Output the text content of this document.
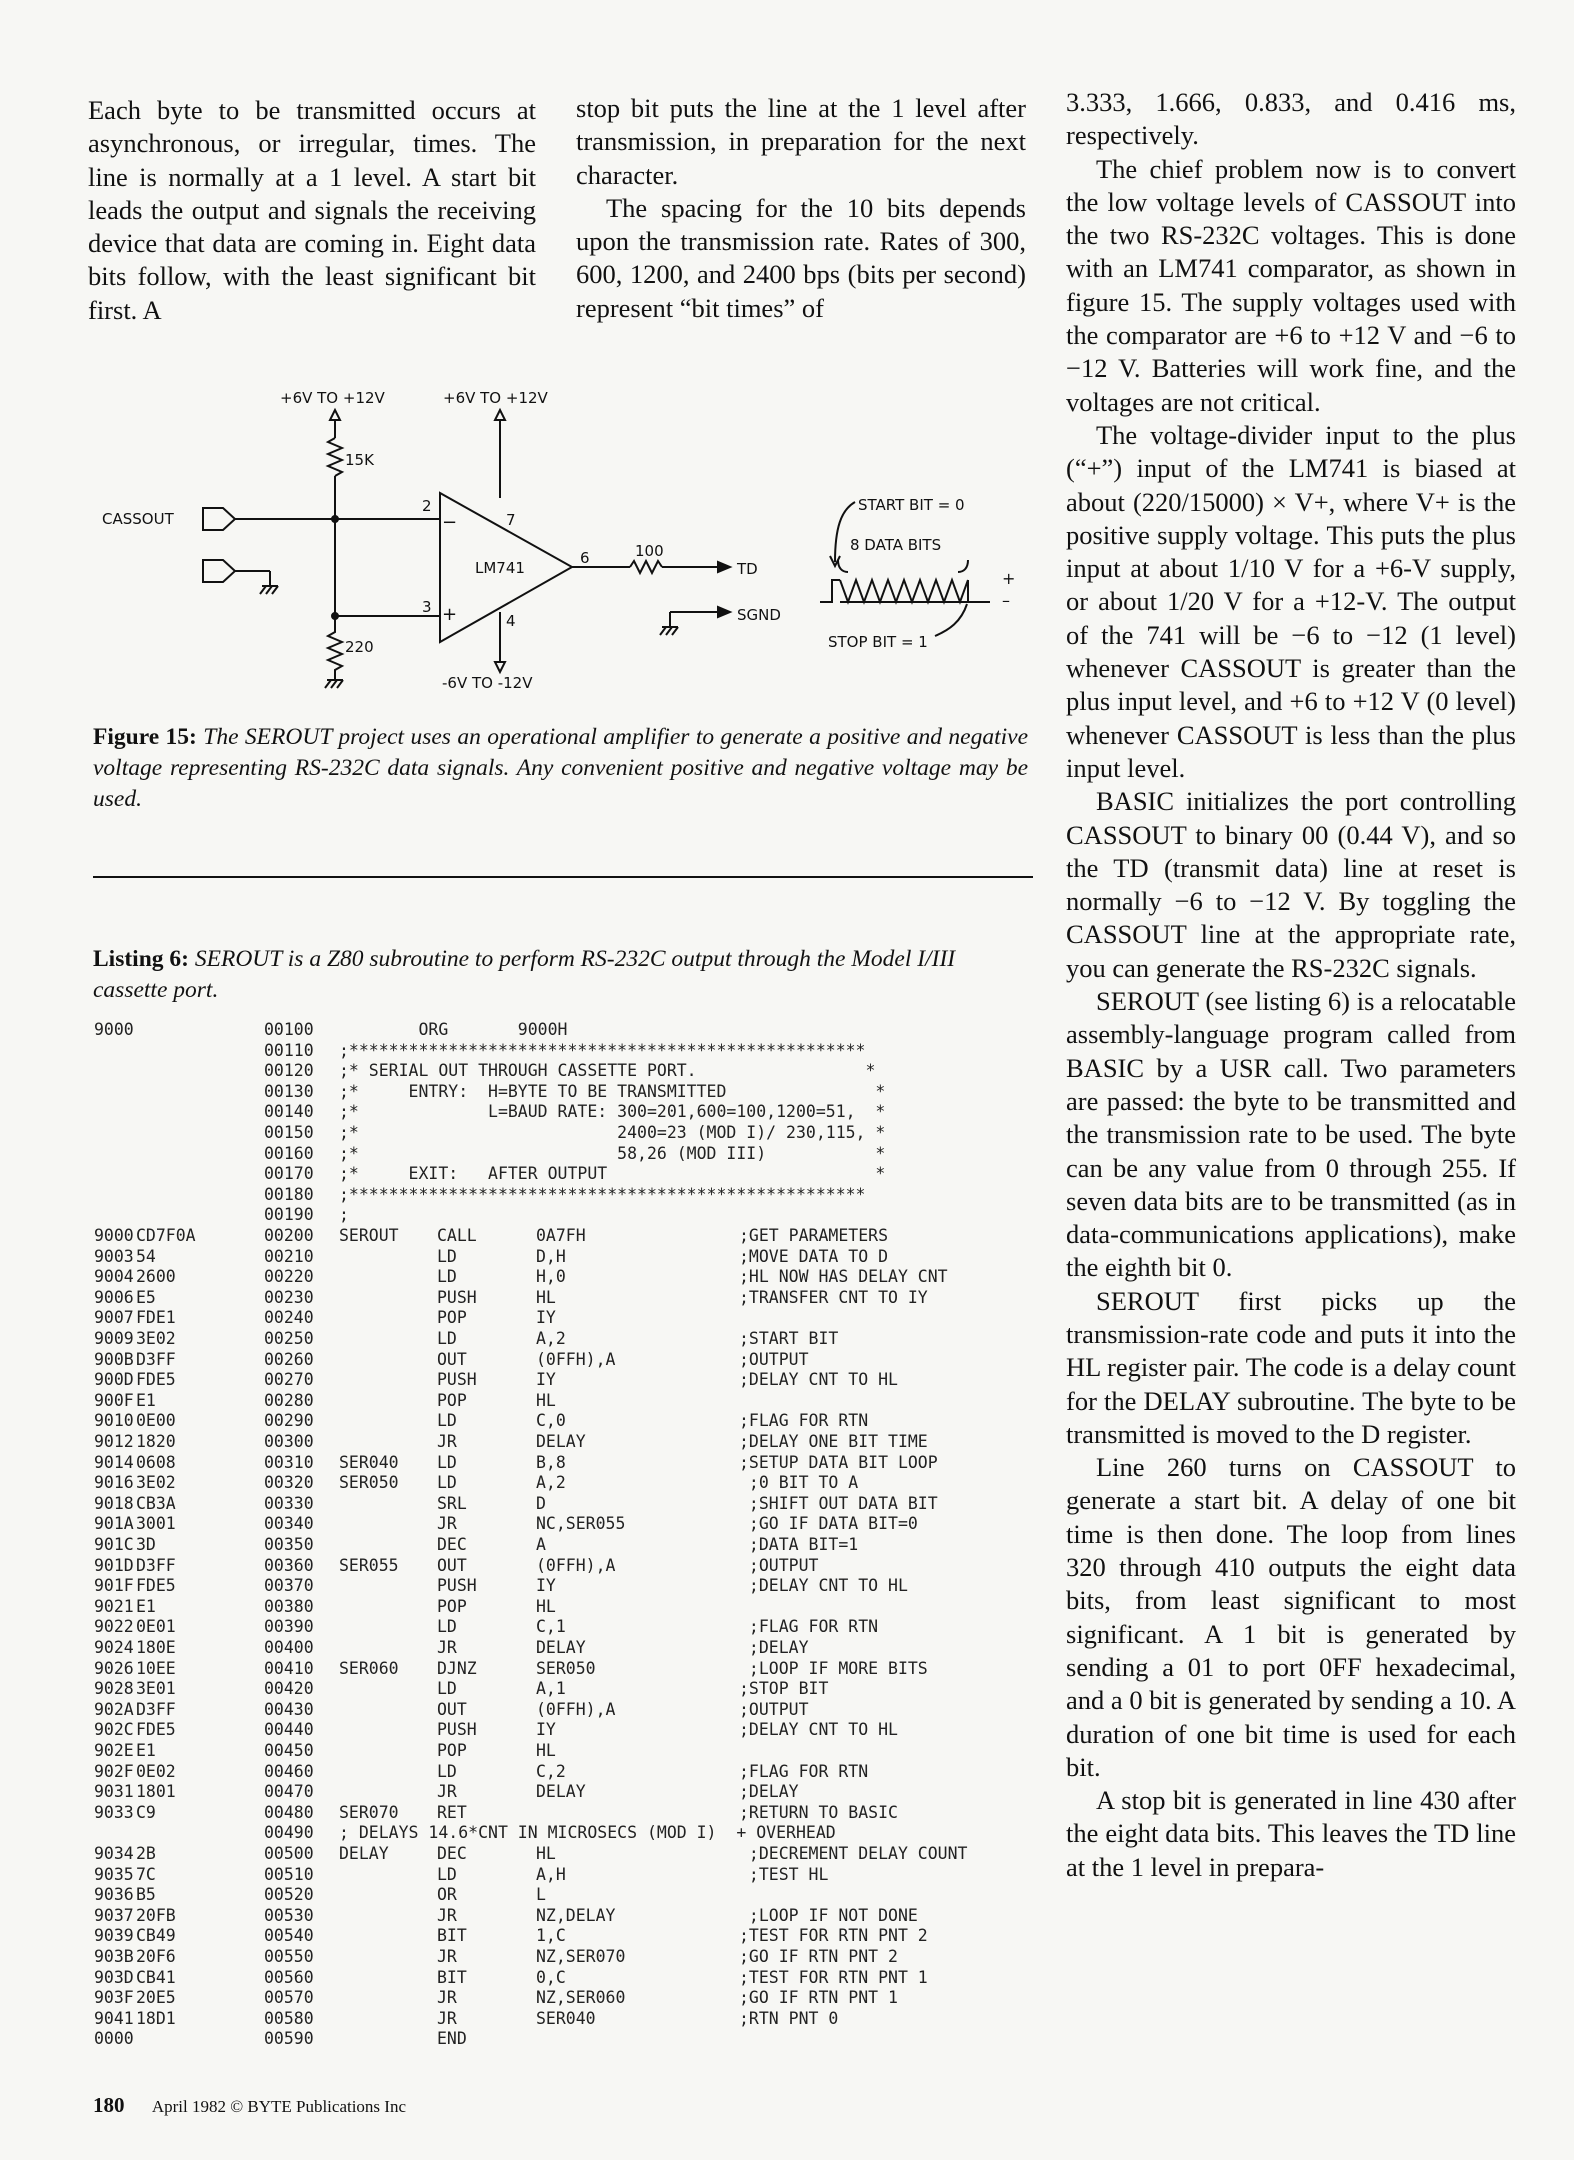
Each byte to be transmitted occurs at asynchronous, or irregular, times. The line is normally at a 1 level. A start bit leads the output and signals the receiving device that data are coming in. Eight data bits follow, with the least significant bit first. A

stop bit puts the line at the 1 level after transmission, in preparation for the next character.

The spacing for the 10 bits depends upon the transmission rate. Rates of 300, 600, 1200, and 2400 bps (bits per second) represent “bit times” of

3.333, 1.666, 0.833, and 0.416 ms, respectively.

The chief problem now is to convert the low voltage levels of CASSOUT into the two RS-232C voltages. This is done with an LM741 comparator, as shown in figure 15. The supply voltages used with the comparator are +6 to +12 V and −6 to −12 V. Batteries will work fine, and the voltages are not critical.

The voltage-divider input to the plus (“+”) input of the LM741 is biased at about (220/15000) × V+, where V+ is the positive supply voltage. This puts the plus input at about 1/10 V for a +6-V supply, or about 1/20 V for a +12-V. The output of the 741 will be −6 to −12 (1 level) whenever CASSOUT is greater than the plus input level, and +6 to +12 V (0 level) whenever CASSOUT is less than the plus input level.

BASIC initializes the port controlling CASSOUT to binary 00 (0.44 V), and so the TD (transmit data) line at reset is normally −6 to −12 V. By toggling the CASSOUT line at the appropriate rate, you can generate the RS-232C signals.

SEROUT (see listing 6) is a relocatable assembly-language program called from BASIC by a USR call. Two parameters are passed: the byte to be transmitted and the transmission rate to be used. The byte can be any value from 0 through 255. If seven data bits are to be transmitted (as in data-communications applications), make the eighth bit 0.

SEROUT first picks up the transmission-rate code and puts it into the HL register pair. The code is a delay count for the DELAY subroutine. The byte to be transmitted is moved to the D register.

Line 260 turns on CASSOUT to generate a start bit. A delay of one bit time is then done. The loop from lines 320 through 410 outputs the eight data bits, from least significant to most significant. A 1 bit is generated by sending a 01 to port 0FF hexadecimal, and a 0 bit is generated by sending a 10. A duration of one bit time is used for each bit.

A stop bit is generated in line 430 after the eight data bits. This leaves the TD line at the 1 level in prepara-

+6V TO +12V	+6V TO +12V
15K
220
CASSOUT
LM741
2
3
4
6
7
−
+
-6V TO -12V
100
TD
SGND
START BIT = 0
8 DATA BITS
STOP BIT = 1
+
–
Figure 15: The SEROUT project uses an operational amplifier to generate a positive and negative voltage representing RS-232C data signals. Any convenient positive and negative voltage may be used.
Listing 6: SEROUT is a Z80 subroutine to perform RS-232C output through the Model I/III cassette port.
9000	00100 ORG       9000H
00110 ;****************************************************
00120 ;* SERIAL OUT THROUGH CASSETTE PORT.                 *
00130 ;*     ENTRY:  H=BYTE TO BE TRANSMITTED               *
00140 ;*             L=BAUD RATE: 300=201,600=100,1200=51,  *
00150 ;*                          2400=23 (MOD I)/ 230,115, *
00160 ;*                          58,26 (MOD III)           *
00170 ;*     EXIT:   AFTER OUTPUT                           *
00180 ;****************************************************
00190 ;
9000 CD7F0A	00200 SEROUT CALL	0A7FH	;GET PARAMETERS
9003 54	00210	LD	D,H	;MOVE DATA TO D
9004 2600	00220	LD	H,0	;HL NOW HAS DELAY CNT
9006 E5	00230	PUSH	HL	;TRANSFER CNT TO IY
9007 FDE1	00240	POP	IY
9009 3E02	00250	LD	A,2	;START BIT
900B D3FF	00260	OUT	(0FFH),A	;OUTPUT
900D FDE5	00270	PUSH	IY	;DELAY CNT TO HL
900F E1	00280	POP	HL
9010 0E00	00290	LD	C,0	;FLAG FOR RTN
9012 1820	00300	JR	DELAY	;DELAY ONE BIT TIME
9014 0608	00310 SER040 LD	B,8	;SETUP DATA BIT LOOP
9016 3E02	00320 SER050 LD	A,2	;0 BIT TO A
9018 CB3A	00330	SRL	D	;SHIFT OUT DATA BIT
901A 3001	00340	JR	NC,SER055	;GO IF DATA BIT=0
901C 3D	00350	DEC	A	;DATA BIT=1
901D D3FF	00360 SER055 OUT	(0FFH),A	;OUTPUT
901F FDE5	00370	PUSH	IY	;DELAY CNT TO HL
9021 E1	00380	POP	HL
9022 0E01	00390	LD	C,1	;FLAG FOR RTN
9024 180E	00400	JR	DELAY	;DELAY
9026 10EE	00410 SER060 DJNZ	SER050	;LOOP IF MORE BITS
9028 3E01	00420	LD	A,1	;STOP BIT
902A D3FF	00430	OUT	(0FFH),A	;OUTPUT
902C FDE5	00440	PUSH	IY	;DELAY CNT TO HL
902E E1	00450	POP	HL
902F 0E02	00460	LD	C,2	;FLAG FOR RTN
9031 1801	00470	JR	DELAY	;DELAY
9033 C9	00480 SER070 RET	;RETURN TO BASIC
00490 ; DELAYS 14.6*CNT IN MICROSECS (MOD I)  + OVERHEAD
9034 2B	00500 DELAY	DEC	HL	;DECREMENT DELAY COUNT
9035 7C	00510	LD	A,H	;TEST HL
9036 B5	00520	OR	L
9037 20FB	00530	JR	NZ,DELAY	;LOOP IF NOT DONE
9039 CB49	00540	BIT	1,C	;TEST FOR RTN PNT 2
903B 20F6	00550	JR	NZ,SER070	;GO IF RTN PNT 2
903D CB41	00560	BIT	0,C	;TEST FOR RTN PNT 1
903F 20E5	00570	JR	NZ,SER060	;GO IF RTN PNT 1
9041 18D1	00580	JR	SER040	;RTN PNT 0
0000	00590	END
180 April 1982 © BYTE Publications Inc
